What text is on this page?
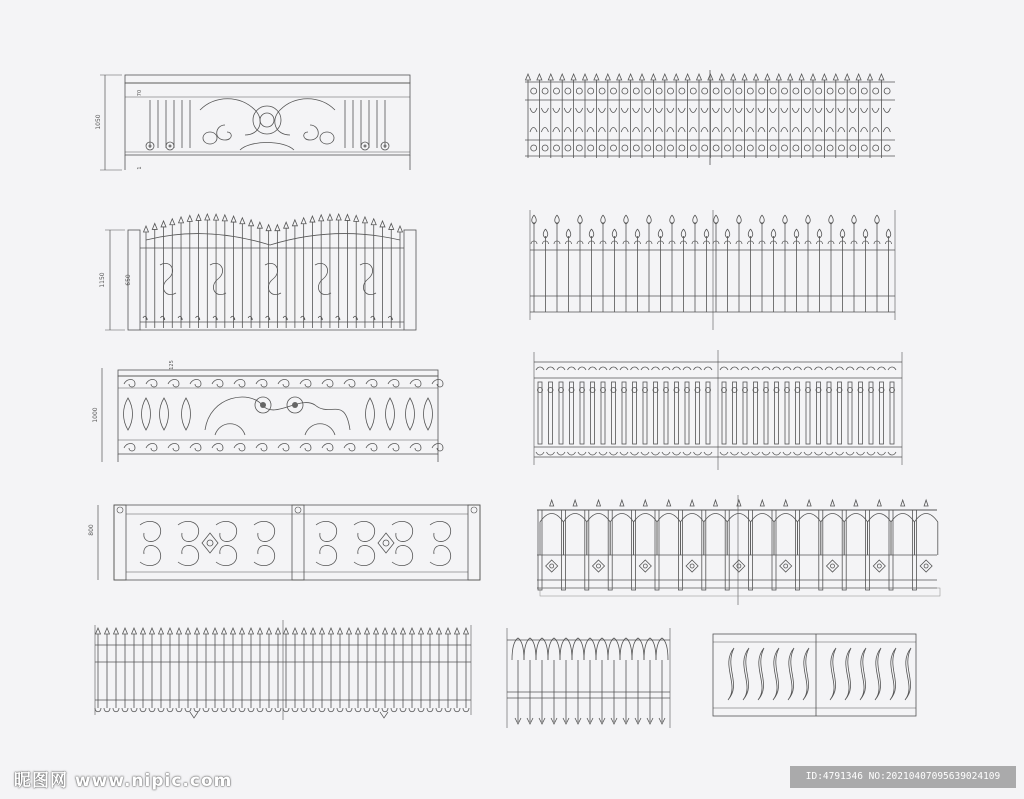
1050
70
1
1150	650
1000
125
800
昵图网 www.nipic.com	ID:4791346 NO:20210407095639024109
